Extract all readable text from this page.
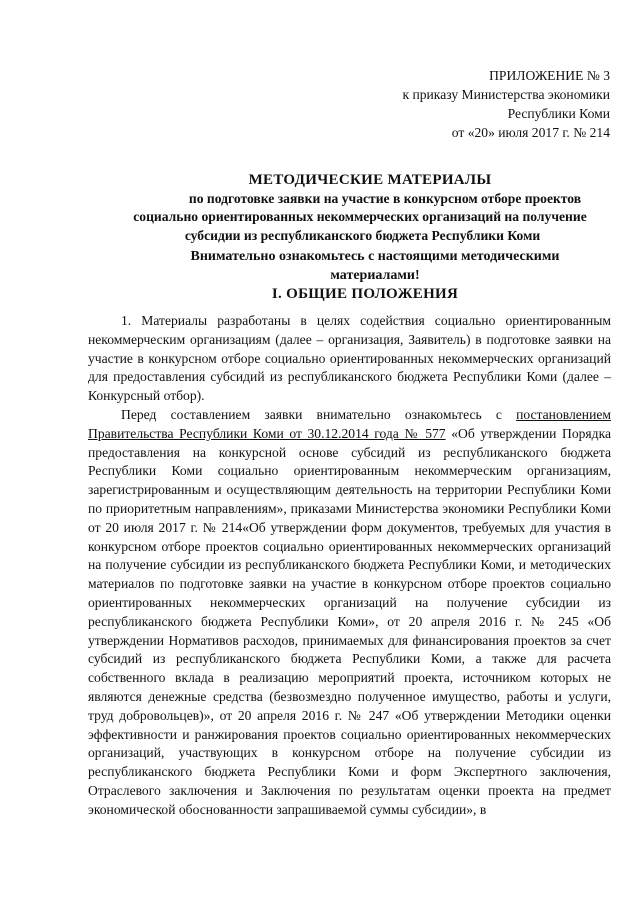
ПРИЛОЖЕНИЕ № 3
к приказу Министерства экономики
Республики Коми
от «20» июля 2017 г. № 214
МЕТОДИЧЕСКИЕ МАТЕРИАЛЫ
по подготовке заявки на участие в конкурсном отборе проектов
социально ориентированных некоммерческих организаций на получение
субсидии из республиканского бюджета Республики Коми
Внимательно ознакомьтесь с настоящими методическими
материалами!
I. ОБЩИЕ ПОЛОЖЕНИЯ

1. Материалы разработаны в целях содействия социально ориентированным некоммерческим организациям (далее – организация, Заявитель) в подготовке заявки на участие в конкурсном отборе социально ориентированных некоммерческих организаций для предоставления субсидий из республиканского бюджета Республики Коми (далее – Конкурсный отбор).

Перед составлением заявки внимательно ознакомьтесь с постановлением Правительства Республики Коми от 30.12.2014 года № 577 «Об утверждении Порядка предоставления на конкурсной основе субсидий из республиканского бюджета Республики Коми социально ориентированным некоммерческим организациям, зарегистрированным и осуществляющим деятельность на территории Республики Коми по приоритетным направлениям», приказами Министерства экономики Республики Коми от 20 июля 2017 г. № 214«Об утверждении форм документов, требуемых для участия в конкурсном отборе проектов социально ориентированных некоммерческих организаций на получение субсидии из республиканского бюджета Республики Коми, и методических материалов по подготовке заявки на участие в конкурсном отборе проектов социально ориентированных некоммерческих организаций на получение субсидии из республиканского бюджета Республики Коми», от 20 апреля 2016 г. № 245 «Об утверждении Нормативов расходов, принимаемых для финансирования проектов за счет субсидий из республиканского бюджета Республики Коми, а также для расчета собственного вклада в реализацию мероприятий проекта, источником которых не являются денежные средства (безвозмездно полученное имущество, работы и услуги, труд добровольцев)», от 20 апреля 2016 г. № 247 «Об утверждении Методики оценки эффективности и ранжирования проектов социально ориентированных некоммерческих организаций, участвующих в конкурсном отборе на получение субсидии из республиканского бюджета Республики Коми и форм Экспертного заключения, Отраслевого заключения и Заключения по результатам оценки проекта на предмет экономической обоснованности запрашиваемой суммы субсидии», в
